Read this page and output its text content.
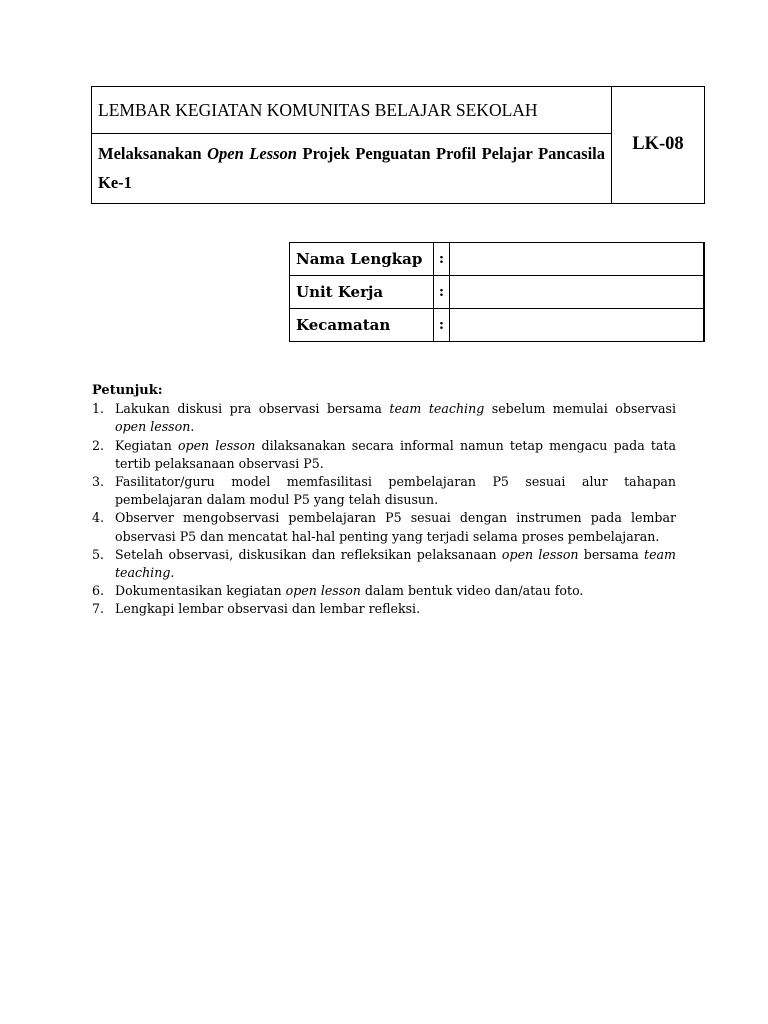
LEMBAR KEGIATAN KOMUNITAS BELAJAR SEKOLAH	LK-08
Melaksanakan Open Lesson Projek Penguatan Profil Pelajar Pancasila Ke-1
Nama Lengkap	:	
Unit Kerja	:	
Kecamatan	:	
Petunjuk:
1. Lakukan diskusi pra observasi bersama team teaching sebelum memulai observasi open lesson.
2. Kegiatan open lesson dilaksanakan secara informal namun tetap mengacu pada tata tertib pelaksanaan observasi P5.
3. Fasilitator/guru model memfasilitasi pembelajaran P5 sesuai alur tahapan pembelajaran dalam modul P5 yang telah disusun.
4. Observer mengobservasi pembelajaran P5 sesuai dengan instrumen pada lembar observasi P5 dan mencatat hal-hal penting yang terjadi selama proses pembelajaran.
5. Setelah observasi, diskusikan dan refleksikan pelaksanaan open lesson bersama team teaching.
6. Dokumentasikan kegiatan open lesson dalam bentuk video dan/atau foto.
7. Lengkapi lembar observasi dan lembar refleksi.
